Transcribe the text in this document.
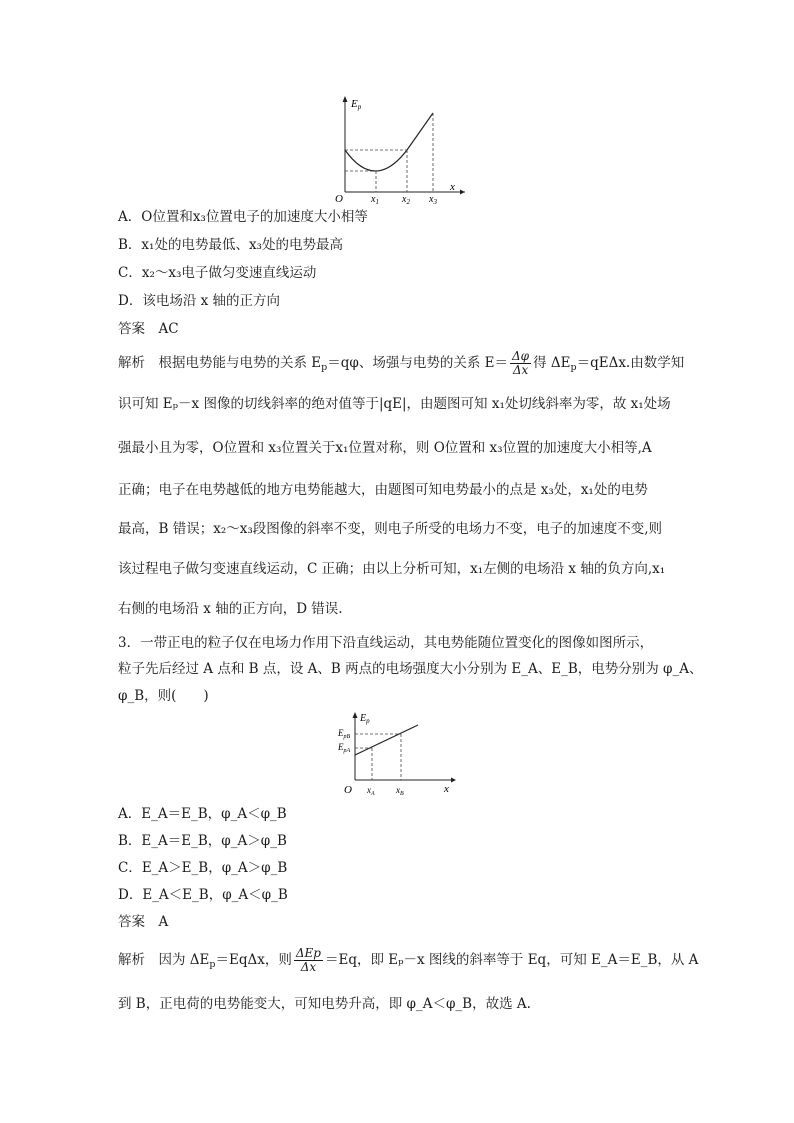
Ep
O
x
$x_1$ $x_2$ $x_3$
A．O位置和x₃位置电子的加速度大小相等
B．x₁处的电势最低、x₃处的电势最高
C．x₂～x₃电子做匀变速直线运动
D．该电场沿 x 轴的正方向
答案　AC
解析　根据电势能与电势的关系 $E_p=q\varphi$、场强与电势的关系 $E= \frac{\Delta\varphi}{\Delta x}$ 得 $\Delta E_p=qE\Delta x$.由数学知
识可知 Eₚ－x 图像的切线斜率的绝对值等于|qE|，由题图可知 x₁处切线斜率为零，故 x₁处场
强最小且为零，O位置和 x₃位置关于x₁位置对称，则 O位置和 x₃位置的加速度大小相等,A
正确；电子在电势越低的地方电势能越大，由题图可知电势最小的点是 x₃处，x₁处的电势
最高，B 错误；x₂～x₃段图像的斜率不变，则电子所受的电场力不变，电子的加速度不变,则
该过程电子做匀变速直线运动，C 正确；由以上分析可知，x₁左侧的电场沿 x 轴的负方向,x₁
右侧的电场沿 x 轴的正方向，D 错误.
3．一带正电的粒子仅在电场力作用下沿直线运动，其电势能随位置变化的图像如图所示，
粒子先后经过 A 点和 B 点，设 A、B 两点的电场强度大小分别为 E_A、E_B，电势分别为 φ_A、
φ_B，则(　　)
$E_p$
$E_{pB}$
$E_{pA}$
O	x
$x_A$ $x_B$
A．E_A＝E_B，φ_A＜φ_B
B．E_A＝E_B，φ_A＞φ_B
C．E_A＞E_B，φ_A＞φ_B
D．E_A＜E_B，φ_A＜φ_B
答案　A
解析　因为 $\Delta E_p=Eq\Delta x$，则 $\frac{\text{ΔEp}}{\Delta x} =Eq$，即 Eₚ－x 图线的斜率等于 Eq，可知 E_A＝E_B，从 A
到 B，正电荷的电势能变大，可知电势升高，即 φ_A＜φ_B，故选 A.
